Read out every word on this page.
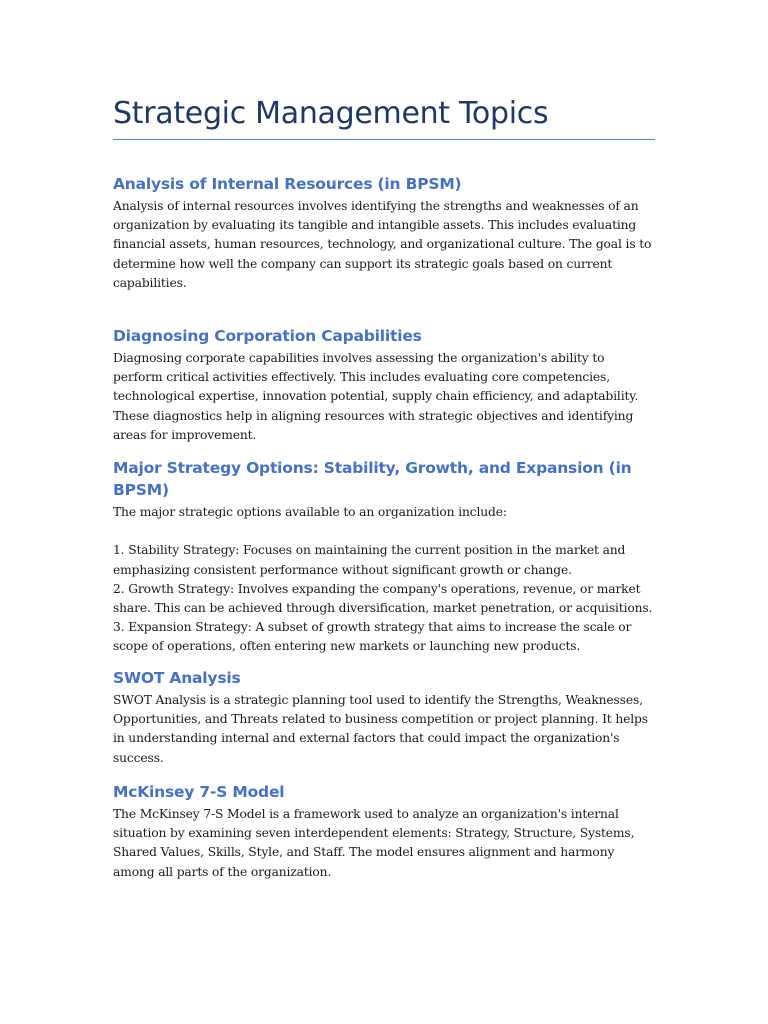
Strategic Management Topics
Analysis of Internal Resources (in BPSM)

Analysis of internal resources involves identifying the strengths and weaknesses of an organization by evaluating its tangible and intangible assets. This includes evaluating financial assets, human resources, technology, and organizational culture. The goal is to determine how well the company can support its strategic goals based on current capabilities.

Diagnosing Corporation Capabilities

Diagnosing corporate capabilities involves assessing the organization's ability to perform critical activities effectively. This includes evaluating core competencies, technological expertise, innovation potential, supply chain efficiency, and adaptability. These diagnostics help in aligning resources with strategic objectives and identifying areas for improvement.

Major Strategy Options: Stability, Growth, and Expansion (in BPSM)

The major strategic options available to an organization include:

1. Stability Strategy: Focuses on maintaining the current position in the market and emphasizing consistent performance without significant growth or change.

2. Growth Strategy: Involves expanding the company's operations, revenue, or market share. This can be achieved through diversification, market penetration, or acquisitions.

3. Expansion Strategy: A subset of growth strategy that aims to increase the scale or scope of operations, often entering new markets or launching new products.

SWOT Analysis

SWOT Analysis is a strategic planning tool used to identify the Strengths, Weaknesses, Opportunities, and Threats related to business competition or project planning. It helps in understanding internal and external factors that could impact the organization's success.

McKinsey 7-S Model

The McKinsey 7-S Model is a framework used to analyze an organization's internal situation by examining seven interdependent elements: Strategy, Structure, Systems, Shared Values, Skills, Style, and Staff. The model ensures alignment and harmony among all parts of the organization.
